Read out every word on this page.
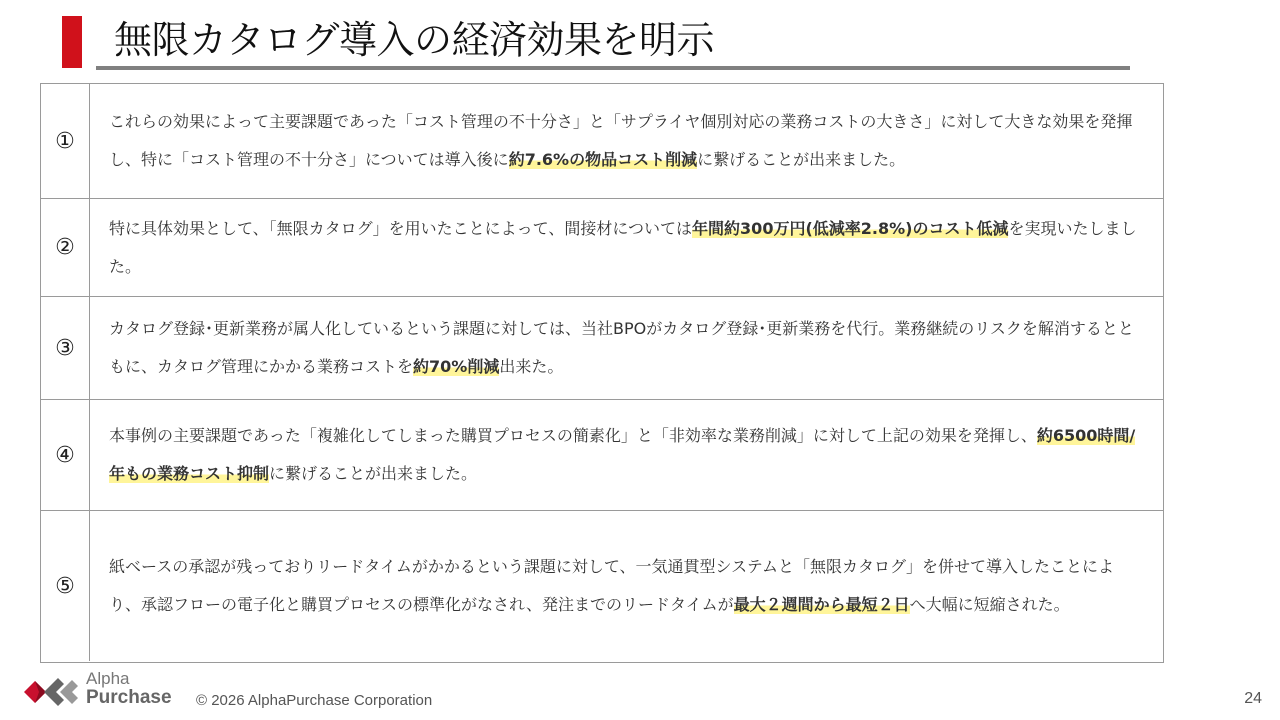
無限カタログ導入の経済効果を明示
①
これらの効果によって主要課題であった「コスト管理の不十分さ」と「サプライヤ個別対応の業務コストの大きさ」に対して大きな効果を発揮し、特に「コスト管理の不十分さ」については導入後に約7.6%の物品コスト削減に繋げることが出来ました。
②
特に具体効果として、「無限カタログ」を用いたことによって、間接材については年間約300万円(低減率2.8%)のコスト低減を実現いたしました。
③
カタログ登録･更新業務が属人化しているという課題に対しては、当社BPOがカタログ登録･更新業務を代行。業務継続のリスクを解消するとともに、カタログ管理にかかる業務コストを約70%削減出来た。
④
本事例の主要課題であった「複雑化してしまった購買プロセスの簡素化」と「非効率な業務削減」に対して上記の効果を発揮し、約6500時間/年もの業務コスト抑制に繋げることが出来ました。
⑤
紙ベースの承認が残っておりリードタイムがかかるという課題に対して、一気通貫型システムと「無限カタログ」を併せて導入したことにより、承認フローの電子化と購買プロセスの標準化がなされ、発注までのリードタイムが最大２週間から最短２日へ大幅に短縮された。
Alpha
Purchase © 2026 AlphaPurchase Corporation	24
